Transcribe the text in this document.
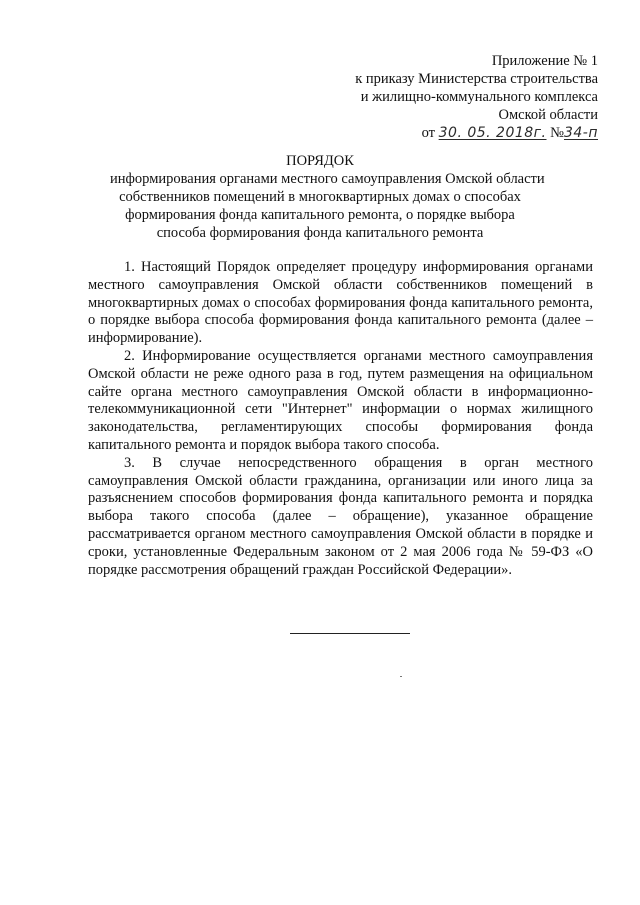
Приложение № 1
к приказу Министерства строительства
и жилищно-коммунального комплекса
Омской области
от 30. 05. 2018г. №34-п
ПОРЯДОК
информирования органами местного самоуправления Омской области
собственников помещений в многоквартирных домах о способах
формирования фонда капитального ремонта, о порядке выбора
способа формирования фонда капитального ремонта

1. Настоящий Порядок определяет процедуру информирования органами местного самоуправления Омской области собственников помещений в многоквартирных домах о способах формирования фонда капитального ремонта, о порядке выбора способа формирования фонда капитального ремонта (далее – информирование).

2. Информирование осуществляется органами местного самоуправления Омской области не реже одного раза в год, путем размещения на официальном сайте органа местного самоуправления Омской области в информационно-телекоммуникационной сети "Интернет" информации о нормах жилищного законодательства, регламентирующих способы формирования фонда капитального ремонта и порядок выбора такого способа.

3. В случае непосредственного обращения в орган местного самоуправления Омской области гражданина, организации или иного лица за разъяснением способов формирования фонда капитального ремонта и порядка выбора такого способа (далее – обращение), указанное обращение рассматривается органом местного самоуправления Омской области в порядке и сроки, установленные Федеральным законом от 2 мая 2006 года № 59-ФЗ «О порядке рассмотрения обращений граждан Российской Федерации».
